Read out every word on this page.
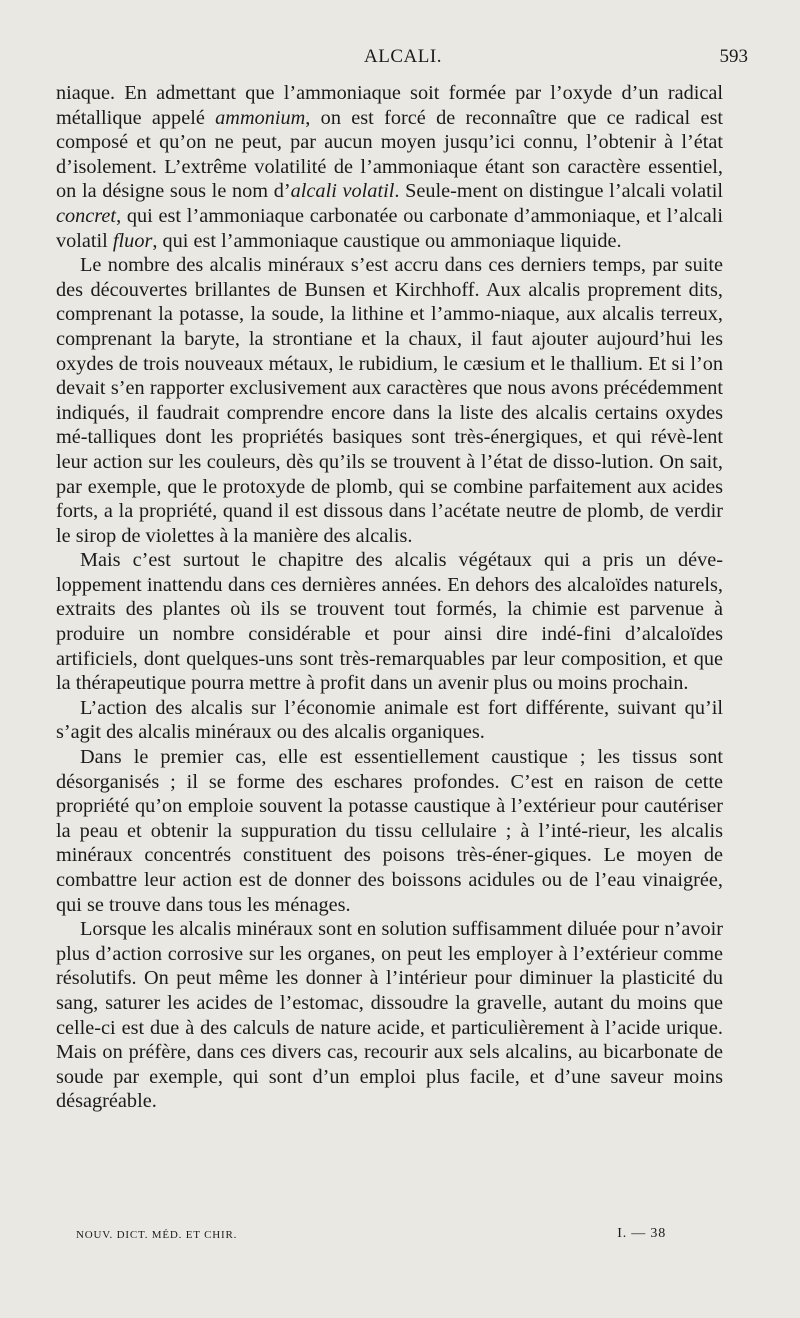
ALCALI.	593

niaque. En admettant que l’ammoniaque soit formée par l’oxyde d’un radical métallique appelé ammonium, on est forcé de reconnaître que ce radical est composé et qu’on ne peut, par aucun moyen jusqu’ici connu, l’obtenir à l’état d’isolement. L’extrême volatilité de l’ammoniaque étant son caractère essentiel, on la désigne sous le nom d’alcali volatil. Seule-ment on distingue l’alcali volatil concret, qui est l’ammoniaque carbonatée ou carbonate d’ammoniaque, et l’alcali volatil fluor, qui est l’ammoniaque caustique ou ammoniaque liquide.

Le nombre des alcalis minéraux s’est accru dans ces derniers temps, par suite des découvertes brillantes de Bunsen et Kirchhoff. Aux alcalis proprement dits, comprenant la potasse, la soude, la lithine et l’ammo-niaque, aux alcalis terreux, comprenant la baryte, la strontiane et la chaux, il faut ajouter aujourd’hui les oxydes de trois nouveaux métaux, le rubidium, le cæsium et le thallium. Et si l’on devait s’en rapporter exclusivement aux caractères que nous avons précédemment indiqués, il faudrait comprendre encore dans la liste des alcalis certains oxydes mé-talliques dont les propriétés basiques sont très-énergiques, et qui révè-lent leur action sur les couleurs, dès qu’ils se trouvent à l’état de disso-lution. On sait, par exemple, que le protoxyde de plomb, qui se combine parfaitement aux acides forts, a la propriété, quand il est dissous dans l’acétate neutre de plomb, de verdir le sirop de violettes à la manière des alcalis.

Mais c’est surtout le chapitre des alcalis végétaux qui a pris un déve-loppement inattendu dans ces dernières années. En dehors des alcaloïdes naturels, extraits des plantes où ils se trouvent tout formés, la chimie est parvenue à produire un nombre considérable et pour ainsi dire indé-fini d’alcaloïdes artificiels, dont quelques-uns sont très-remarquables par leur composition, et que la thérapeutique pourra mettre à profit dans un avenir plus ou moins prochain.

L’action des alcalis sur l’économie animale est fort différente, suivant qu’il s’agit des alcalis minéraux ou des alcalis organiques.

Dans le premier cas, elle est essentiellement caustique ; les tissus sont désorganisés ; il se forme des eschares profondes. C’est en raison de cette propriété qu’on emploie souvent la potasse caustique à l’extérieur pour cautériser la peau et obtenir la suppuration du tissu cellulaire ; à l’inté-rieur, les alcalis minéraux concentrés constituent des poisons très-éner-giques. Le moyen de combattre leur action est de donner des boissons acidules ou de l’eau vinaigrée, qui se trouve dans tous les ménages.

Lorsque les alcalis minéraux sont en solution suffisamment diluée pour n’avoir plus d’action corrosive sur les organes, on peut les employer à l’extérieur comme résolutifs. On peut même les donner à l’intérieur pour diminuer la plasticité du sang, saturer les acides de l’estomac, dissoudre la gravelle, autant du moins que celle-ci est due à des calculs de nature acide, et particulièrement à l’acide urique. Mais on préfère, dans ces divers cas, recourir aux sels alcalins, au bicarbonate de soude par exemple, qui sont d’un emploi plus facile, et d’une saveur moins désagréable.

NOUV. DICT. MÉD. ET CHIR.	I. — 38
